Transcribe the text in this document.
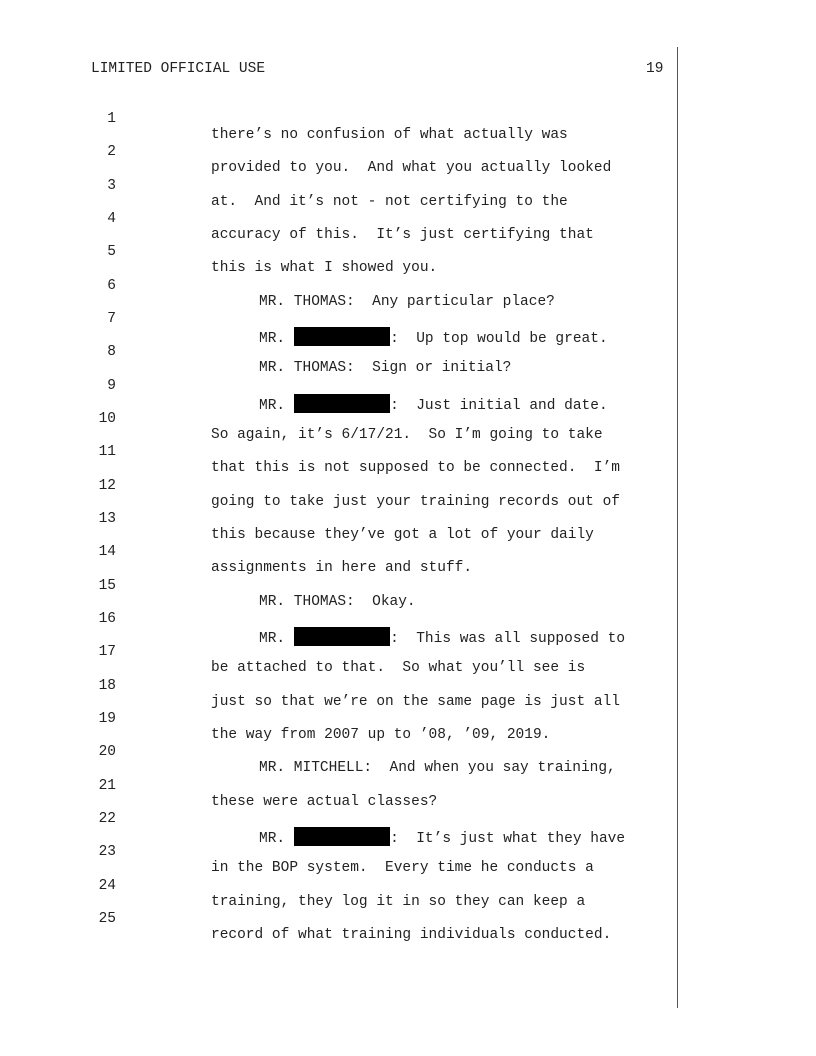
LIMITED OFFICIAL USE	19

1

there’s no confusion of what actually was

2

provided to you.  And what you actually looked

3

at.  And it’s not - not certifying to the

4

accuracy of this.  It’s just certifying that

5

this is what I showed you.

6

MR. THOMAS:  Any particular place?

7

MR.	:  Up top would be great.

8

MR. THOMAS:  Sign or initial?

9

MR.	:  Just initial and date.

10

So again, it’s 6/17/21.  So I’m going to take

11

that this is not supposed to be connected.  I’m

12

going to take just your training records out of

13

this because they’ve got a lot of your daily

14

assignments in here and stuff.

15

MR. THOMAS:  Okay.

16

MR.	:  This was all supposed to

17

be attached to that.  So what you’ll see is

18

just so that we’re on the same page is just all

19

the way from 2007 up to ’08, ’09, 2019.

20

MR. MITCHELL:  And when you say training,

21

these were actual classes?

22

MR.	:  It’s just what they have

23

in the BOP system.  Every time he conducts a

24

training, they log it in so they can keep a

25

record of what training individuals conducted.
